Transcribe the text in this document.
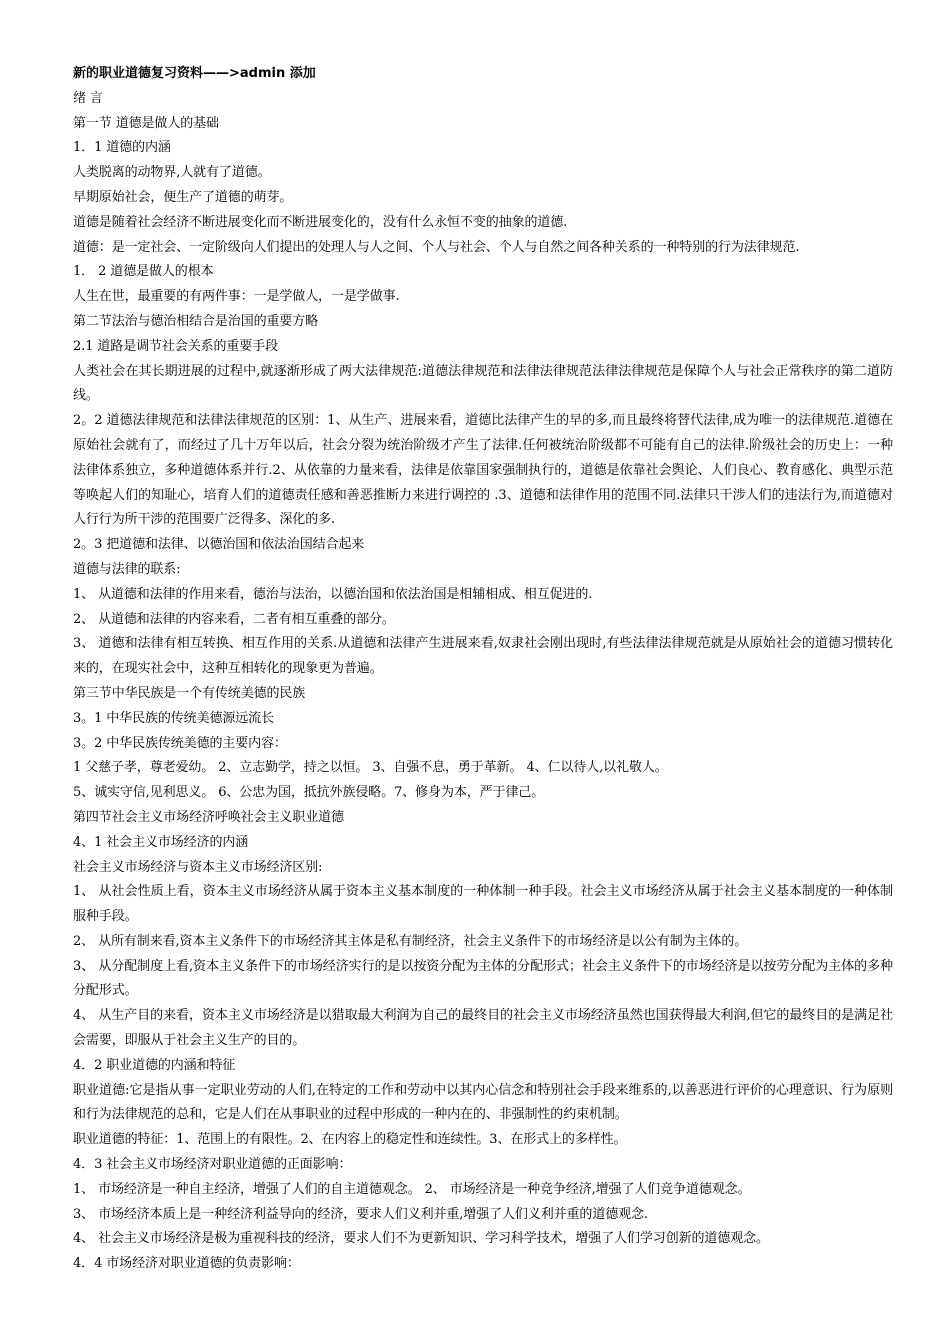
新的职业道德复习资料——>admin 添加

绪 言

第一节 道德是做人的基础

1．1 道德的内涵

人类脱离的动物界,人就有了道德。

早期原始社会，便生产了道德的萌芽。

道德是随着社会经济不断进展变化而不断进展变化的，没有什么永恒不变的抽象的道德.

道德：是一定社会、一定阶级向人们提出的处理人与人之间、个人与社会、个人与自然之间各种关系的一种特别的行为法律规范.

1． 2 道德是做人的根本

人生在世，最重要的有两件事：一是学做人，一是学做事.

第二节法治与德治相结合是治国的重要方略

2.1 道路是调节社会关系的重要手段

人类社会在其长期进展的过程中,就逐渐形成了两大法律规范:道德法律规范和法律法律规范法律法律规范是保障个人与社会正常秩序的第二道防线。

2。2 道德法律规范和法律法律规范的区别：1、从生产、进展来看，道德比法律产生的早的多,而且最终将替代法律,成为唯一的法律规范.道德在原始社会就有了，而经过了几十万年以后，社会分裂为统治阶级才产生了法律.任何被统治阶级都不可能有自己的法律.阶级社会的历史上：一种法律体系独立，多种道德体系并行.2、从依靠的力量来看，法律是依靠国家强制执行的，道德是依靠社会舆论、人们良心、教育感化、典型示范等唤起人们的知耻心，培育人们的道德责任感和善恶推断力来进行调控的 .3、道德和法律作用的范围不同.法律只干涉人们的违法行为,而道德对人行行为所干涉的范围要广泛得多、深化的多.

2。3 把道德和法律、以德治国和依法治国结合起来

道德与法律的联系:

1、 从道德和法律的作用来看，德治与法治，以德治国和依法治国是相辅相成、相互促进的.

2、 从道德和法律的内容来看，二者有相互重叠的部分。

3、 道德和法律有相互转换、相互作用的关系.从道德和法律产生进展来看,奴隶社会刚出现时,有些法律法律规范就是从原始社会的道德习惯转化来的，在现实社会中，这种互相转化的现象更为普遍。

第三节中华民族是一个有传统美德的民族

3。1 中华民族的传统美德源远流长

3。2 中华民族传统美德的主要内容：

1 父慈子孝，尊老爱幼。 2、立志勤学，持之以恒。 3、自强不息，勇于革新。 4、仁以待人,以礼敬人。

5、诚实守信,见利思义。 6、公忠为国，抵抗外族侵略。7、修身为本，严于律己。

第四节社会主义市场经济呼唤社会主义职业道德

4、1 社会主义市场经济的内涵

社会主义市场经济与资本主义市场经济区别:

1、 从社会性质上看，资本主义市场经济从属于资本主义基本制度的一种体制一种手段。社会主义市场经济从属于社会主义基本制度的一种体制服种手段。

2、 从所有制来看,资本主义条件下的市场经济其主体是私有制经济，社会主义条件下的市场经济是以公有制为主体的。

3、 从分配制度上看,资本主义条件下的市场经济实行的是以按资分配为主体的分配形式；社会主义条件下的市场经济是以按劳分配为主体的多种分配形式。

4、 从生产目的来看，资本主义市场经济是以猎取最大利润为自己的最终目的社会主义市场经济虽然也国获得最大利润,但它的最终目的是满足社会需要，即服从于社会主义生产的目的。

4．2 职业道德的内涵和特征

职业道德:它是指从事一定职业劳动的人们,在特定的工作和劳动中以其内心信念和特别社会手段来维系的,以善恶进行评价的心理意识、行为原则和行为法律规范的总和，它是人们在从事职业的过程中形成的一种内在的、非强制性的约束机制。

职业道德的特征：1、范围上的有限性。2、在内容上的稳定性和连续性。3、在形式上的多样性。

4．3 社会主义市场经济对职业道德的正面影响：

1、 市场经济是一种自主经济，增强了人们的自主道德观念。 2、 市场经济是一种竞争经济,增强了人们竞争道德观念。

3、 市场经济本质上是一种经济利益导向的经济，要求人们义利并重,增强了人们义利并重的道德观念.

4、 社会主义市场经济是极为重视科技的经济，要求人们不为更新知识、学习科学技术，增强了人们学习创新的道德观念。

4．4 市场经济对职业道德的负责影响：
